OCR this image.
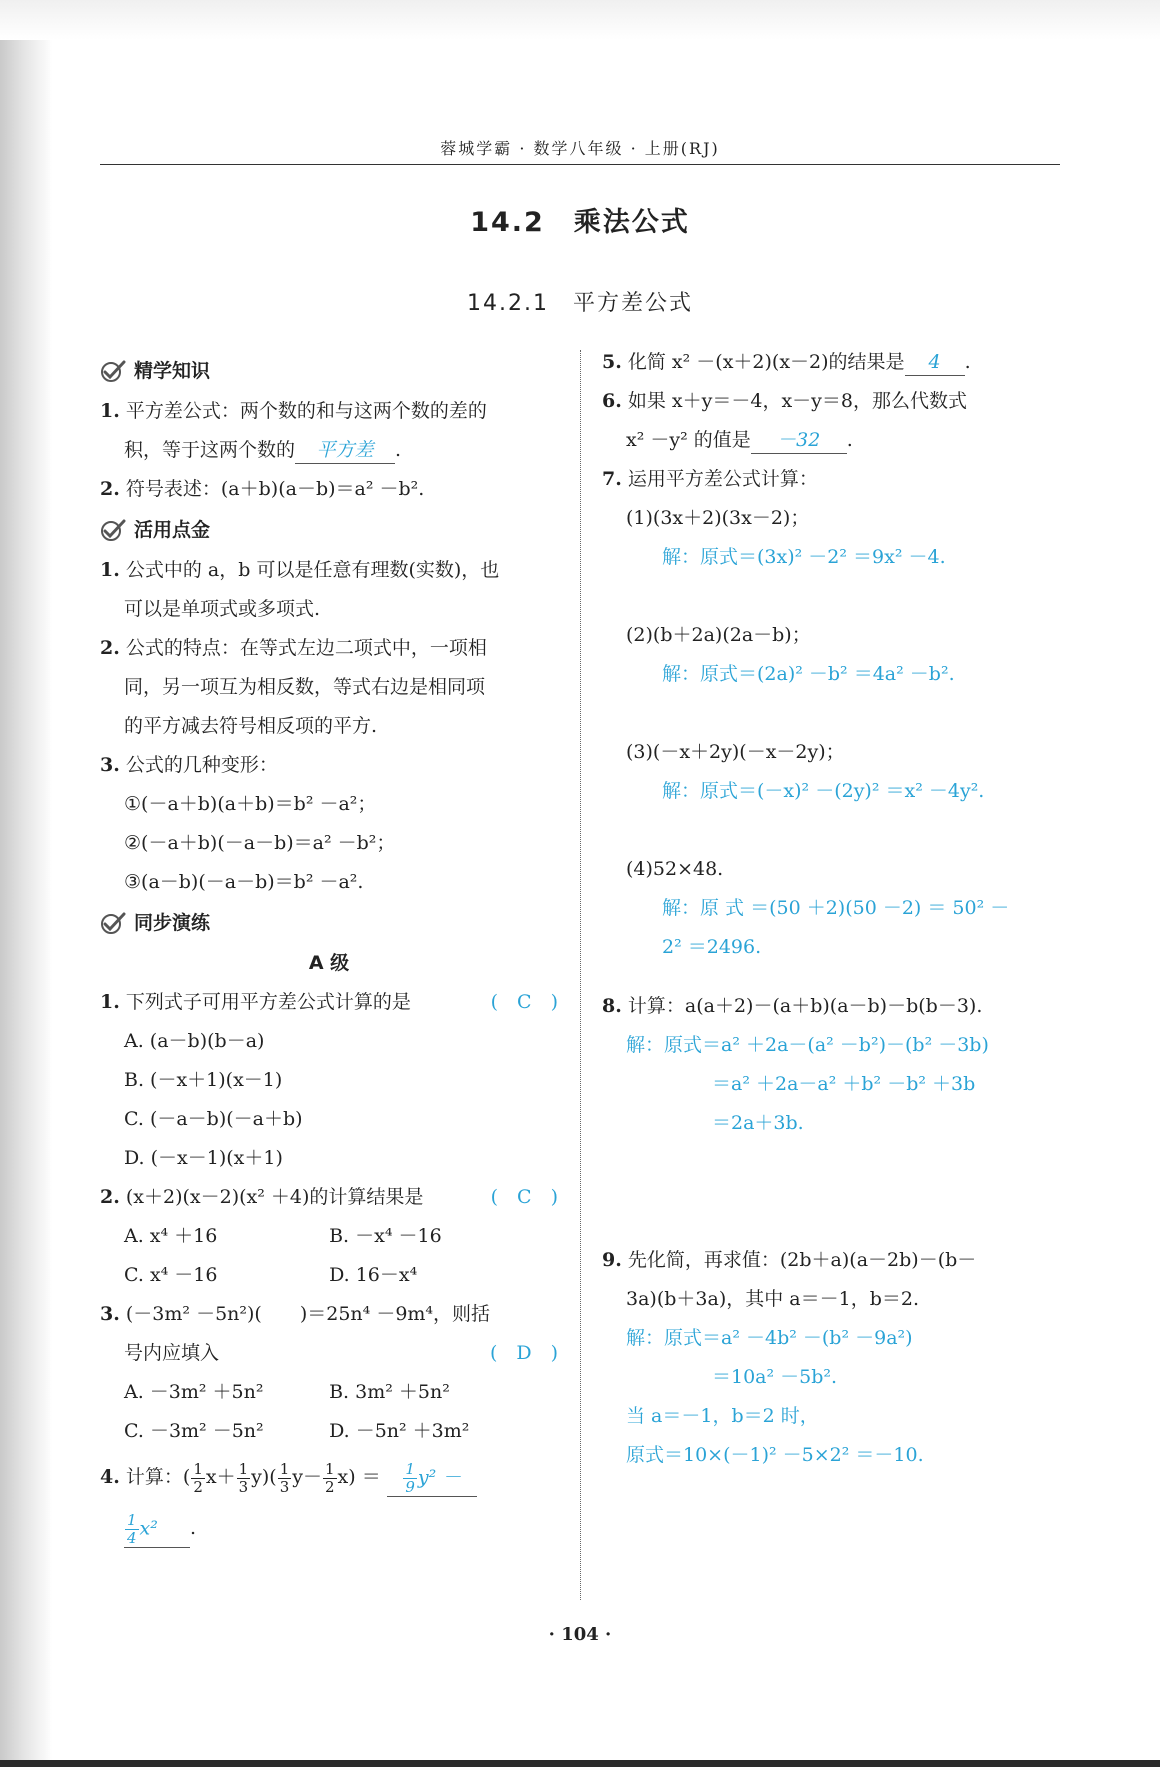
蓉城学霸 · 数学八年级 · 上册(RJ)
14.2　乘法公式
14.2.1　平方差公式
精学知识
1. 平方差公式：两个数的和与这两个数的差的
积，等于这两个数的 平方差 .
2. 符号表述：(a＋b)(a－b)＝a² －b².
活用点金
1. 公式中的 a，b 可以是任意有理数(实数)，也
可以是单项式或多项式.
2. 公式的特点：在等式左边二项式中，一项相
同，另一项互为相反数，等式右边是相同项
的平方减去符号相反项的平方.
3. 公式的几种变形：
①(－a＋b)(a＋b)＝b² －a²；
②(－a＋b)(－a－b)＝a² －b²；
③(a－b)(－a－b)＝b² －a².
同步演练
A 级
1. 下列式子可用平方差公式计算的是	(　C　)
A. (a－b)(b－a)
B. (－x＋1)(x－1)
C. (－a－b)(－a＋b)
D. (－x－1)(x＋1)
2. (x＋2)(x－2)(x² ＋4)的计算结果是	(　C　)
A. x⁴ ＋16	B. －x⁴ －16
C. x⁴ －16	D. 16－x⁴
3. (－3m² －5n²)(　　)＝25n⁴ －9m⁴，则括
号内应填入	(　D　)
A. －3m² ＋5n²	B. 3m² ＋5n²
C. －3m² －5n²	D. －5n² ＋3m²
4. 计算：( $\frac{1}{2} x+ \frac{1}{3} y)( \frac{1}{3} y- \frac{1}{2} x) = \frac{1}{9} y^2$ －
$\frac{1}{4} x^2$ .
5. 化简 x² －(x＋2)(x－2)的结果是 4 .
6. 如果 x＋y＝－4，x－y＝8，那么代数式
x² －y² 的值是 －32 .
7. 运用平方差公式计算：
(1)(3x＋2)(3x－2)；
解：原式＝(3x)² －2² ＝9x² －4.
(2)(b＋2a)(2a－b)；
解：原式＝(2a)² －b² ＝4a² －b².
(3)(－x＋2y)(－x－2y)；
解：原式＝(－x)² －(2y)² ＝x² －4y².
(4)52×48.
解：原 式 ＝(50 ＋2)(50 －2) ＝ 50² －
2² ＝2496.
8. 计算：a(a＋2)－(a＋b)(a－b)－b(b－3).
解：原式＝a² ＋2a－(a² －b²)－(b² －3b)
＝a² ＋2a－a² ＋b² －b² ＋3b
＝2a＋3b.
9. 先化简，再求值：(2b＋a)(a－2b)－(b－
3a)(b＋3a)，其中 a＝－1，b＝2.
解：原式＝a² －4b² －(b² －9a²)
＝10a² －5b².
当 a＝－1，b＝2 时，
原式＝10×(－1)² －5×2² ＝－10.
· 104 ·
